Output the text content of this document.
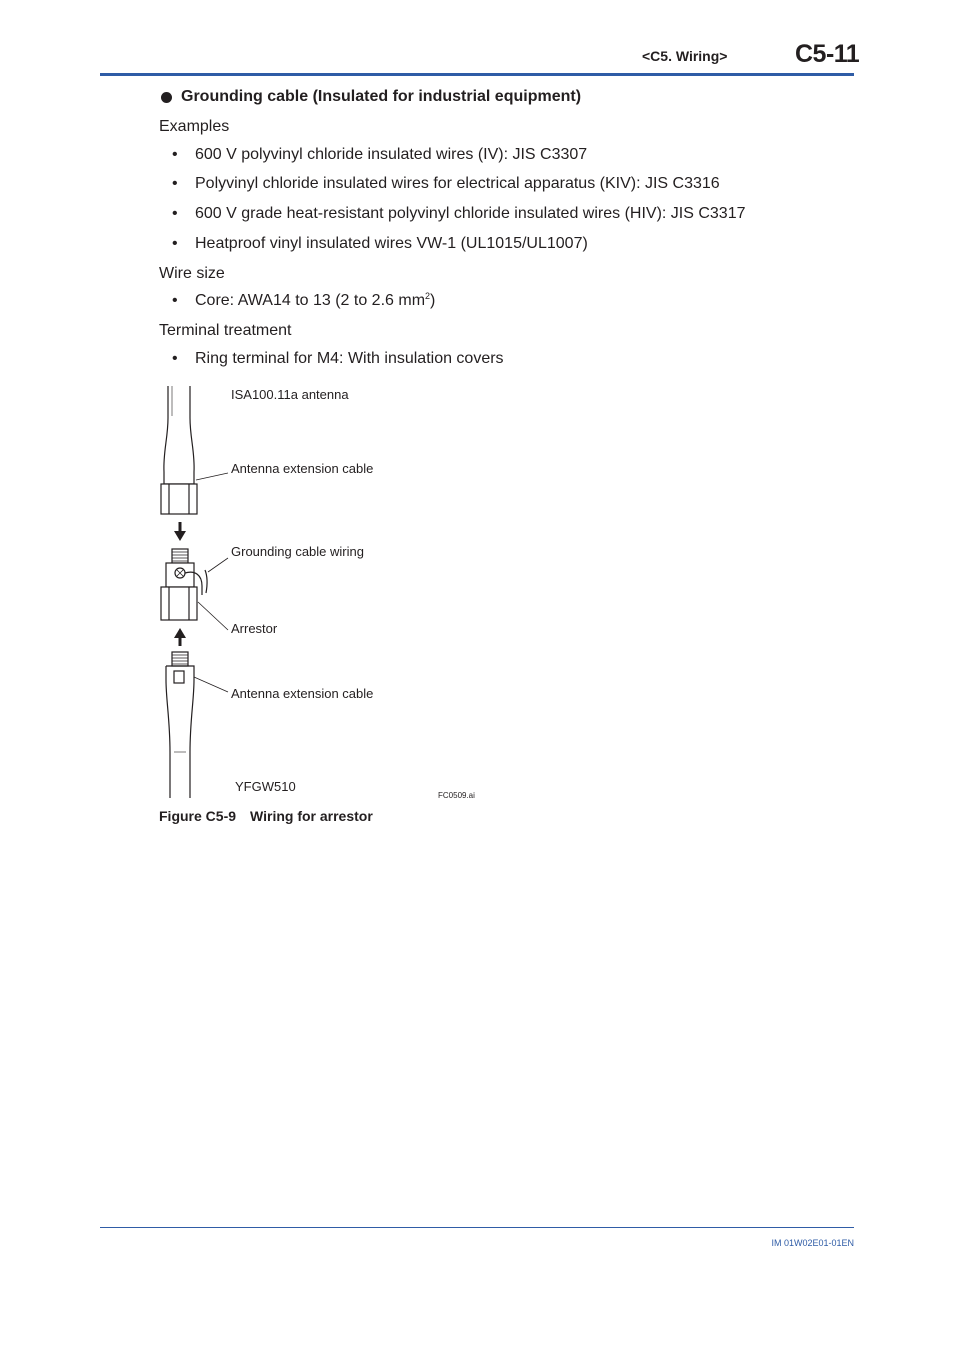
<C5. Wiring>	C5-11
Grounding cable (Insulated for industrial equipment)
Examples
• 600 V polyvinyl chloride insulated wires (IV): JIS C3307
• Polyvinyl chloride insulated wires for electrical apparatus (KIV): JIS C3316
• 600 V grade heat-resistant polyvinyl chloride insulated wires (HIV): JIS C3317
• Heatproof vinyl insulated wires VW-1 (UL1015/UL1007)
Wire size
• Core: AWA14 to 13 (2 to 2.6 $mm^2$)
Terminal treatment
• Ring terminal for M4: With insulation covers
ISA100.11a antenna
Antenna extension cable
Grounding cable wiring
Arrestor
Antenna extension cable
YFGW510
FC0509.ai
Figure C5-9 Wiring for arrestor
IM 01W02E01-01EN
